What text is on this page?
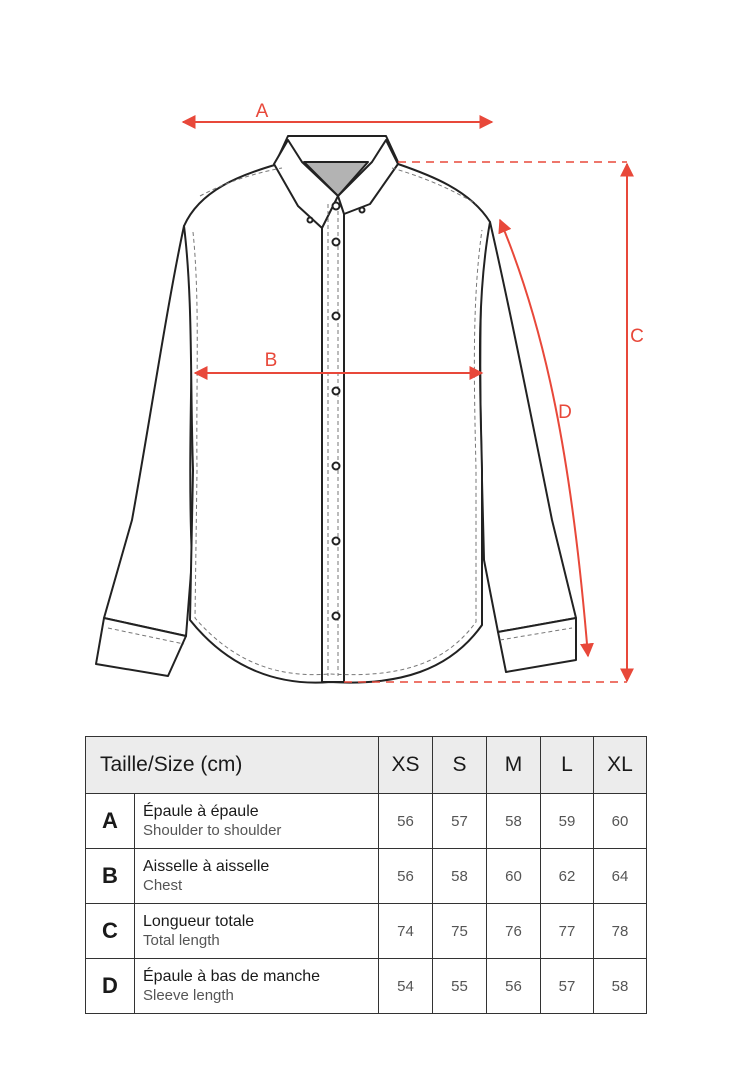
A
B
C
D
Taille/Size (cm)		XS	S	M	L	XL
A	Épaule à épaule
Shoulder to shoulder	56	57	58	59	60
B	Aisselle à aisselle
Chest	56	58	60	62	64
C	Longueur totale
Total length	74	75	76	77	78
D	Épaule à bas de manche
Sleeve length	54	55	56	57	58
